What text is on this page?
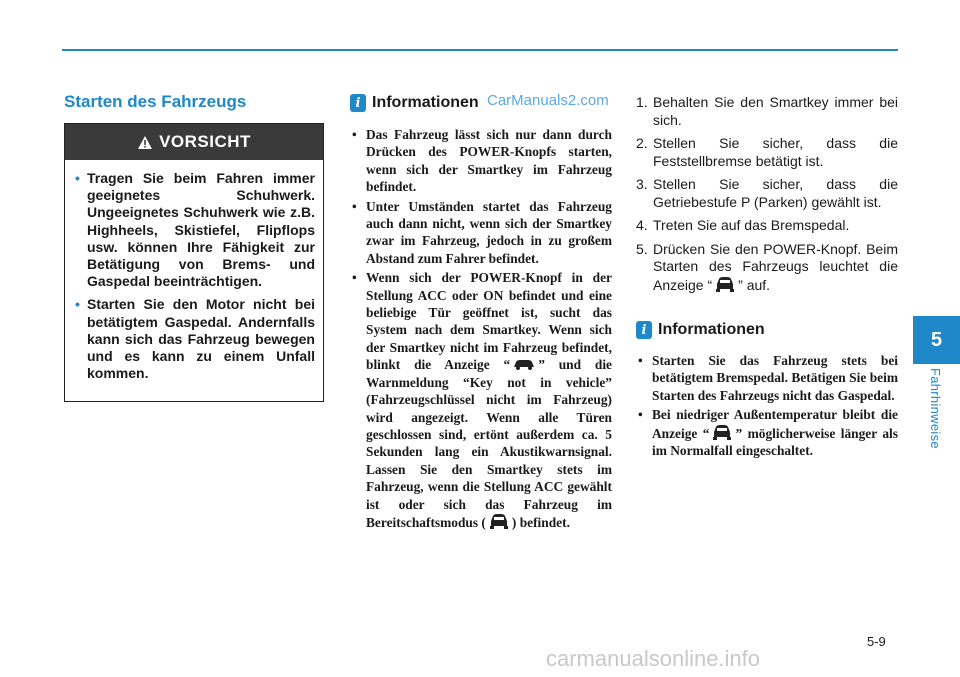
Starten des Fahrzeugs
VORSICHT
• Tragen Sie beim Fahren immer geeignetes Schuhwerk. Ungeeignetes Schuhwerk wie z.B. Highheels, Skistiefel, Flipflops usw. können Ihre Fähigkeit zur Betätigung von Brems- und Gaspedal beeinträchtigen.
• Starten Sie den Motor nicht bei betätigtem Gaspedal. Andernfalls kann sich das Fahrzeug bewegen und es kann zu einem Unfall kommen.
i Informationen CarManuals2.com
• Das Fahrzeug lässt sich nur dann durch Drücken des POWER-Knopfs starten, wenn sich der Smartkey im Fahrzeug befindet.
• Unter Umständen startet das Fahrzeug auch dann nicht, wenn sich der Smartkey zwar im Fahrzeug, jedoch in zu großem Abstand zum Fahrer befindet.
• Wenn sich der POWER-Knopf in der Stellung ACC oder ON befindet und eine beliebige Tür geöffnet ist, sucht das System nach dem Smartkey. Wenn sich der Smartkey nicht im Fahrzeug befindet, blinkt die Anzeige “ ” und die Warnmeldung “Key not in vehicle” (Fahrzeugschlüssel nicht im Fahrzeug) wird angezeigt. Wenn alle Türen geschlossen sind, ertönt außerdem ca. 5 Sekunden lang ein Akustikwarnsignal. Lassen Sie den Smartkey stets im Fahrzeug, wenn die Stellung ACC gewählt ist oder sich das Fahrzeug im Bereitschaftsmodus ( ) befindet.
1. Behalten Sie den Smartkey immer bei sich.
2. Stellen Sie sicher, dass die Feststellbremse betätigt ist.
3. Stellen Sie sicher, dass die Getriebestufe P (Parken) gewählt ist.
4. Treten Sie auf das Bremspedal.
5. Drücken Sie den POWER-Knopf. Beim Starten des Fahrzeugs leuchtet die Anzeige “ ” auf.
i Informationen
• Starten Sie das Fahrzeug stets bei betätigtem Bremspedal. Betätigen Sie beim Starten des Fahrzeugs nicht das Gaspedal.
• Bei niedriger Außentemperatur bleibt die Anzeige “ ” möglicherweise länger als im Normalfall eingeschaltet.
5
Fahrhinweise
5-9
carmanualsonline.info
